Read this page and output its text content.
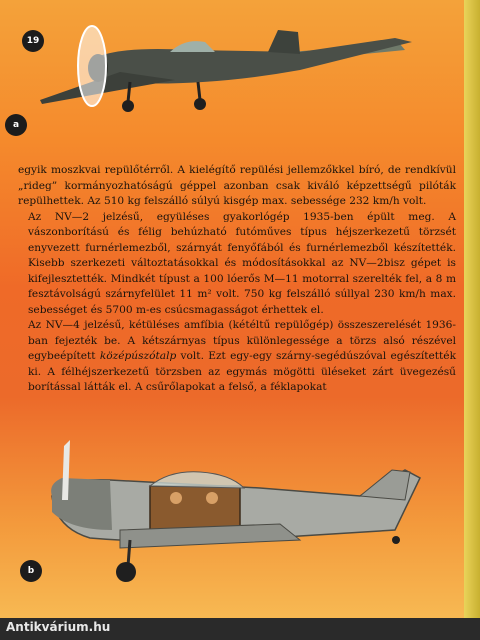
19
a

egyik moszkvai repülőtérről. A kielégítő repülési jellemzőkkel bíró, de rendkívül „rideg” kormányozhatóságú géppel azonban csak kiváló képzettségű pilóták repülhettek. Az 510 kg felszálló súlyú kisgép max. sebessége 232 km/h volt.

Az NV—2 jelzésű, együléses gyakorlógép 1935-ben épült meg. A vászonborítású és félig behúzható futóműves típus héjszerkezetű törzsét enyvezett furnérlemezből, szárnyát fenyőfából és furnérlemezből készítették. Kisebb szerkezeti változtatásokkal és módosításokkal az NV—2bisz gépet is kifejlesztették. Mindkét típust a 100 lóerős M—11 motorral szerelték fel, a 8 m fesztávolságú szárnyfelület 11 m² volt. 750 kg felszálló súllyal 230 km/h max. sebességet és 5700 m-es csúcsmagasságot érhettek el.

Az NV—4 jelzésű, kétüléses amfíbia (kétéltű repülőgép) összeszerelését 1936-ban fejezték be. A kétszárnyas típus különlegessége a törzs alsó részével egybeépített középúszótalp volt. Ezt egy-egy szárny-segédúszóval egészítették ki. A félhéjszerkezetű törzsben az egymás mögötti üléseket zárt üvegezésű borítással látták el. A csűrőlapokat a felső, a féklapokat

b
Antikvárium.hu
